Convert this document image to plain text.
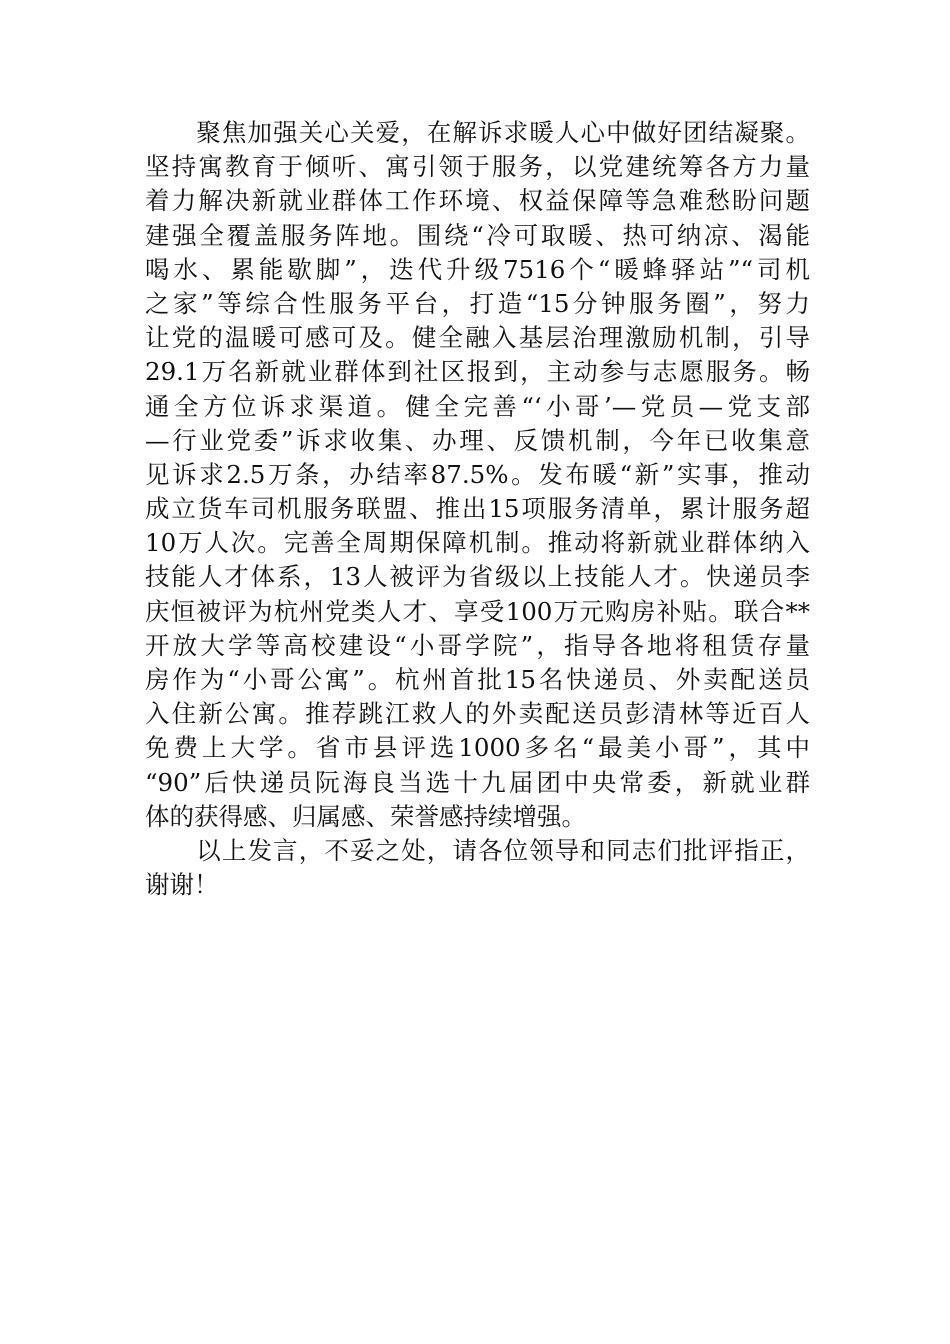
　　聚焦加强关心关爱，在解诉求暖人心中做好团结凝聚。
坚持寓教育于倾听、寓引领于服务，以党建统筹各方力量
着力解决新就业群体工作环境、权益保障等急难愁盼问题
建强全覆盖服务阵地。围绕“冷可取暖、热可纳凉、渴能
喝水、累能歇脚”，迭代升级7516个“暖蜂驿站”“司机
之家”等综合性服务平台，打造“15分钟服务圈”，努力
让党的温暖可感可及。健全融入基层治理激励机制，引导
29.1万名新就业群体到社区报到，主动参与志愿服务。畅
通全方位诉求渠道。健全完善“‘小哥’—党员—党支部
—行业党委”诉求收集、办理、反馈机制，今年已收集意
见诉求2.5万条，办结率87.5%。发布暖“新”实事，推动
成立货车司机服务联盟、推出15项服务清单，累计服务超
10万人次。完善全周期保障机制。推动将新就业群体纳入
技能人才体系，13人被评为省级以上技能人才。快递员李
庆恒被评为杭州党类人才、享受100万元购房补贴。联合**
开放大学等高校建设“小哥学院”，指导各地将租赁存量
房作为“小哥公寓”。杭州首批15名快递员、外卖配送员
入住新公寓。推荐跳江救人的外卖配送员彭清林等近百人
免费上大学。省市县评选1000多名“最美小哥”，其中
“90”后快递员阮海良当选十九届团中央常委，新就业群
体的获得感、归属感、荣誉感持续增强。
　　以上发言，不妥之处，请各位领导和同志们批评指正，
谢谢！
